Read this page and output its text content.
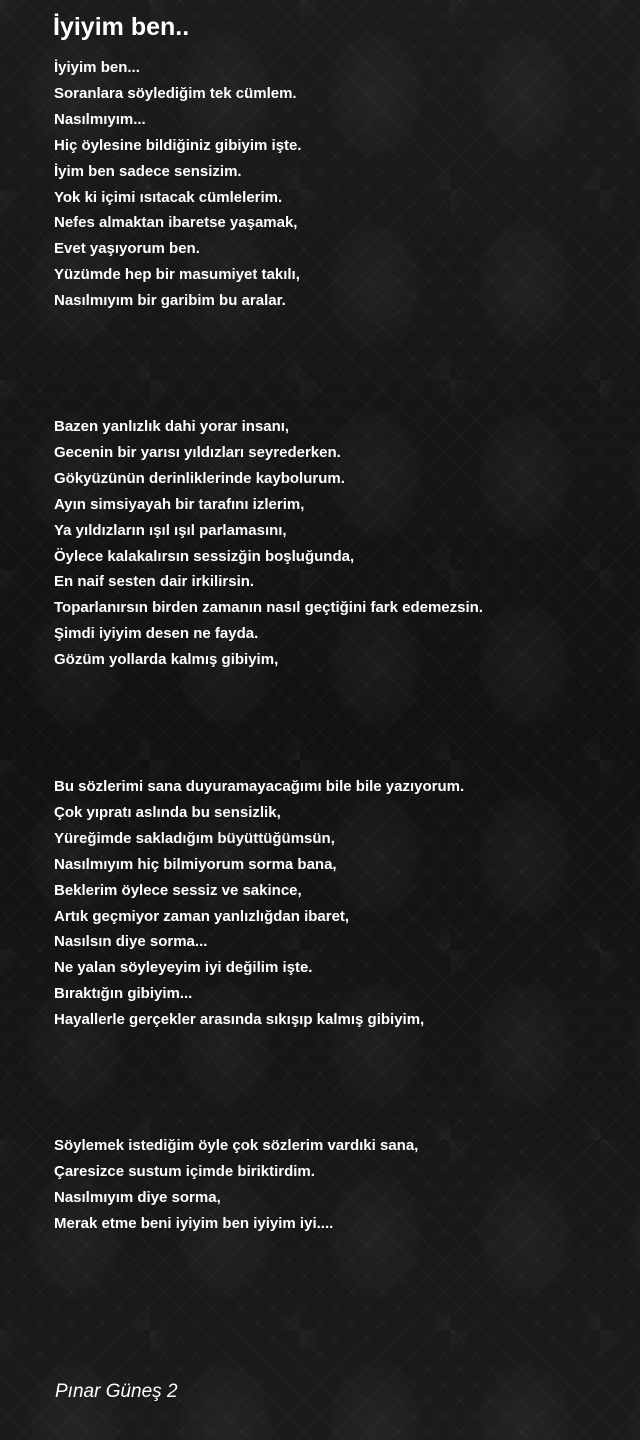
İyiyim ben..
İyiyim ben...
Soranlara söylediğim tek cümlem.
Nasılmıyım...
Hiç öylesine bildiğiniz gibiyim işte.
İyim ben sadece sensizim.
Yok ki içimi ısıtacak cümlelerim.
Nefes almaktan ibaretse yaşamak,
Evet yaşıyorum ben.
Yüzümde hep bir masumiyet takılı,
Nasılmıyım bir garibim bu aralar.
Bazen yanlızlık dahi yorar insanı,
Gecenin bir yarısı yıldızları seyrederken.
Gökyüzünün derinliklerinde kaybolurum.
Ayın simsiyayah bir tarafını izlerim,
Ya yıldızların ışıl ışıl parlamasını,
Öylece kalakalırsın sessizğin boşluğunda,
En naif sesten dair irkilirsin.
Toparlanırsın birden zamanın nasıl geçtiğini fark edemezsin.
Şimdi iyiyim desen ne fayda.
Gözüm yollarda kalmış gibiyim,
Bu sözlerimi sana duyuramayacağımı bile bile yazıyorum.
Çok yıpratı aslında bu sensizlik,
Yüreğimde sakladığım büyüttüğümsün,
Nasılmıyım hiç bilmiyorum sorma bana,
Beklerim öylece sessiz ve sakince,
Artık geçmiyor zaman yanlızlığdan ibaret,
Nasılsın diye sorma...
Ne yalan söyleyeyim iyi değilim işte.
Bıraktığın gibiyim...
Hayallerle gerçekler arasında sıkışıp kalmış gibiyim,
Söylemek istediğim öyle çok sözlerim vardıki sana,
Çaresizce sustum içimde biriktirdim.
Nasılmıyım diye sorma,
Merak etme beni iyiyim ben iyiyim iyi....
Pınar Güneş 2
